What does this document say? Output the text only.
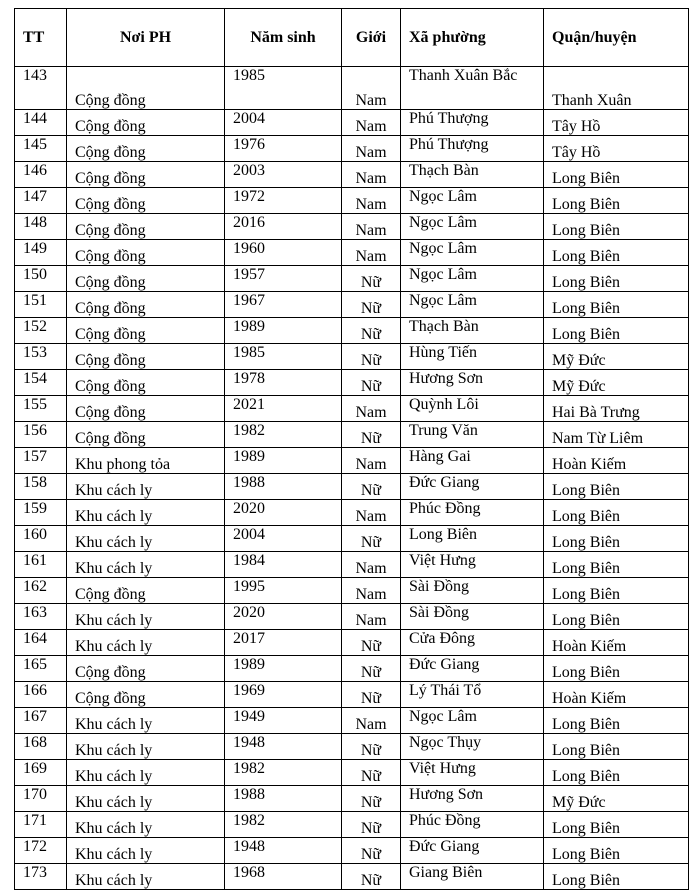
TT	Nơi PH	Năm sinh	Giới	Xã phường	Quận/huyện
143	Cộng đồng	1985	Nam	Thanh Xuân Bắc	Thanh Xuân
144	Cộng đồng	2004	Nam	Phú Thượng	Tây Hồ
145	Cộng đồng	1976	Nam	Phú Thượng	Tây Hồ
146	Cộng đồng	2003	Nam	Thạch Bàn	Long Biên
147	Cộng đồng	1972	Nam	Ngọc Lâm	Long Biên
148	Cộng đồng	2016	Nam	Ngọc Lâm	Long Biên
149	Cộng đồng	1960	Nam	Ngọc Lâm	Long Biên
150	Cộng đồng	1957	Nữ	Ngọc Lâm	Long Biên
151	Cộng đồng	1967	Nữ	Ngọc Lâm	Long Biên
152	Cộng đồng	1989	Nữ	Thạch Bàn	Long Biên
153	Cộng đồng	1985	Nữ	Hùng Tiến	Mỹ Đức
154	Cộng đồng	1978	Nữ	Hương Sơn	Mỹ Đức
155	Cộng đồng	2021	Nam	Quỳnh Lôi	Hai Bà Trưng
156	Cộng đồng	1982	Nữ	Trung Văn	Nam Từ Liêm
157	Khu phong tỏa	1989	Nam	Hàng Gai	Hoàn Kiếm
158	Khu cách ly	1988	Nữ	Đức Giang	Long Biên
159	Khu cách ly	2020	Nam	Phúc Đồng	Long Biên
160	Khu cách ly	2004	Nữ	Long Biên	Long Biên
161	Khu cách ly	1984	Nam	Việt Hưng	Long Biên
162	Cộng đồng	1995	Nam	Sài Đồng	Long Biên
163	Khu cách ly	2020	Nam	Sài Đồng	Long Biên
164	Khu cách ly	2017	Nữ	Cửa Đông	Hoàn Kiếm
165	Cộng đồng	1989	Nữ	Đức Giang	Long Biên
166	Cộng đồng	1969	Nữ	Lý Thái Tổ	Hoàn Kiếm
167	Khu cách ly	1949	Nam	Ngọc Lâm	Long Biên
168	Khu cách ly	1948	Nữ	Ngọc Thụy	Long Biên
169	Khu cách ly	1982	Nữ	Việt Hưng	Long Biên
170	Khu cách ly	1988	Nữ	Hương Sơn	Mỹ Đức
171	Khu cách ly	1982	Nữ	Phúc Đồng	Long Biên
172	Khu cách ly	1948	Nữ	Đức Giang	Long Biên
173	Khu cách ly	1968	Nữ	Giang Biên	Long Biên
